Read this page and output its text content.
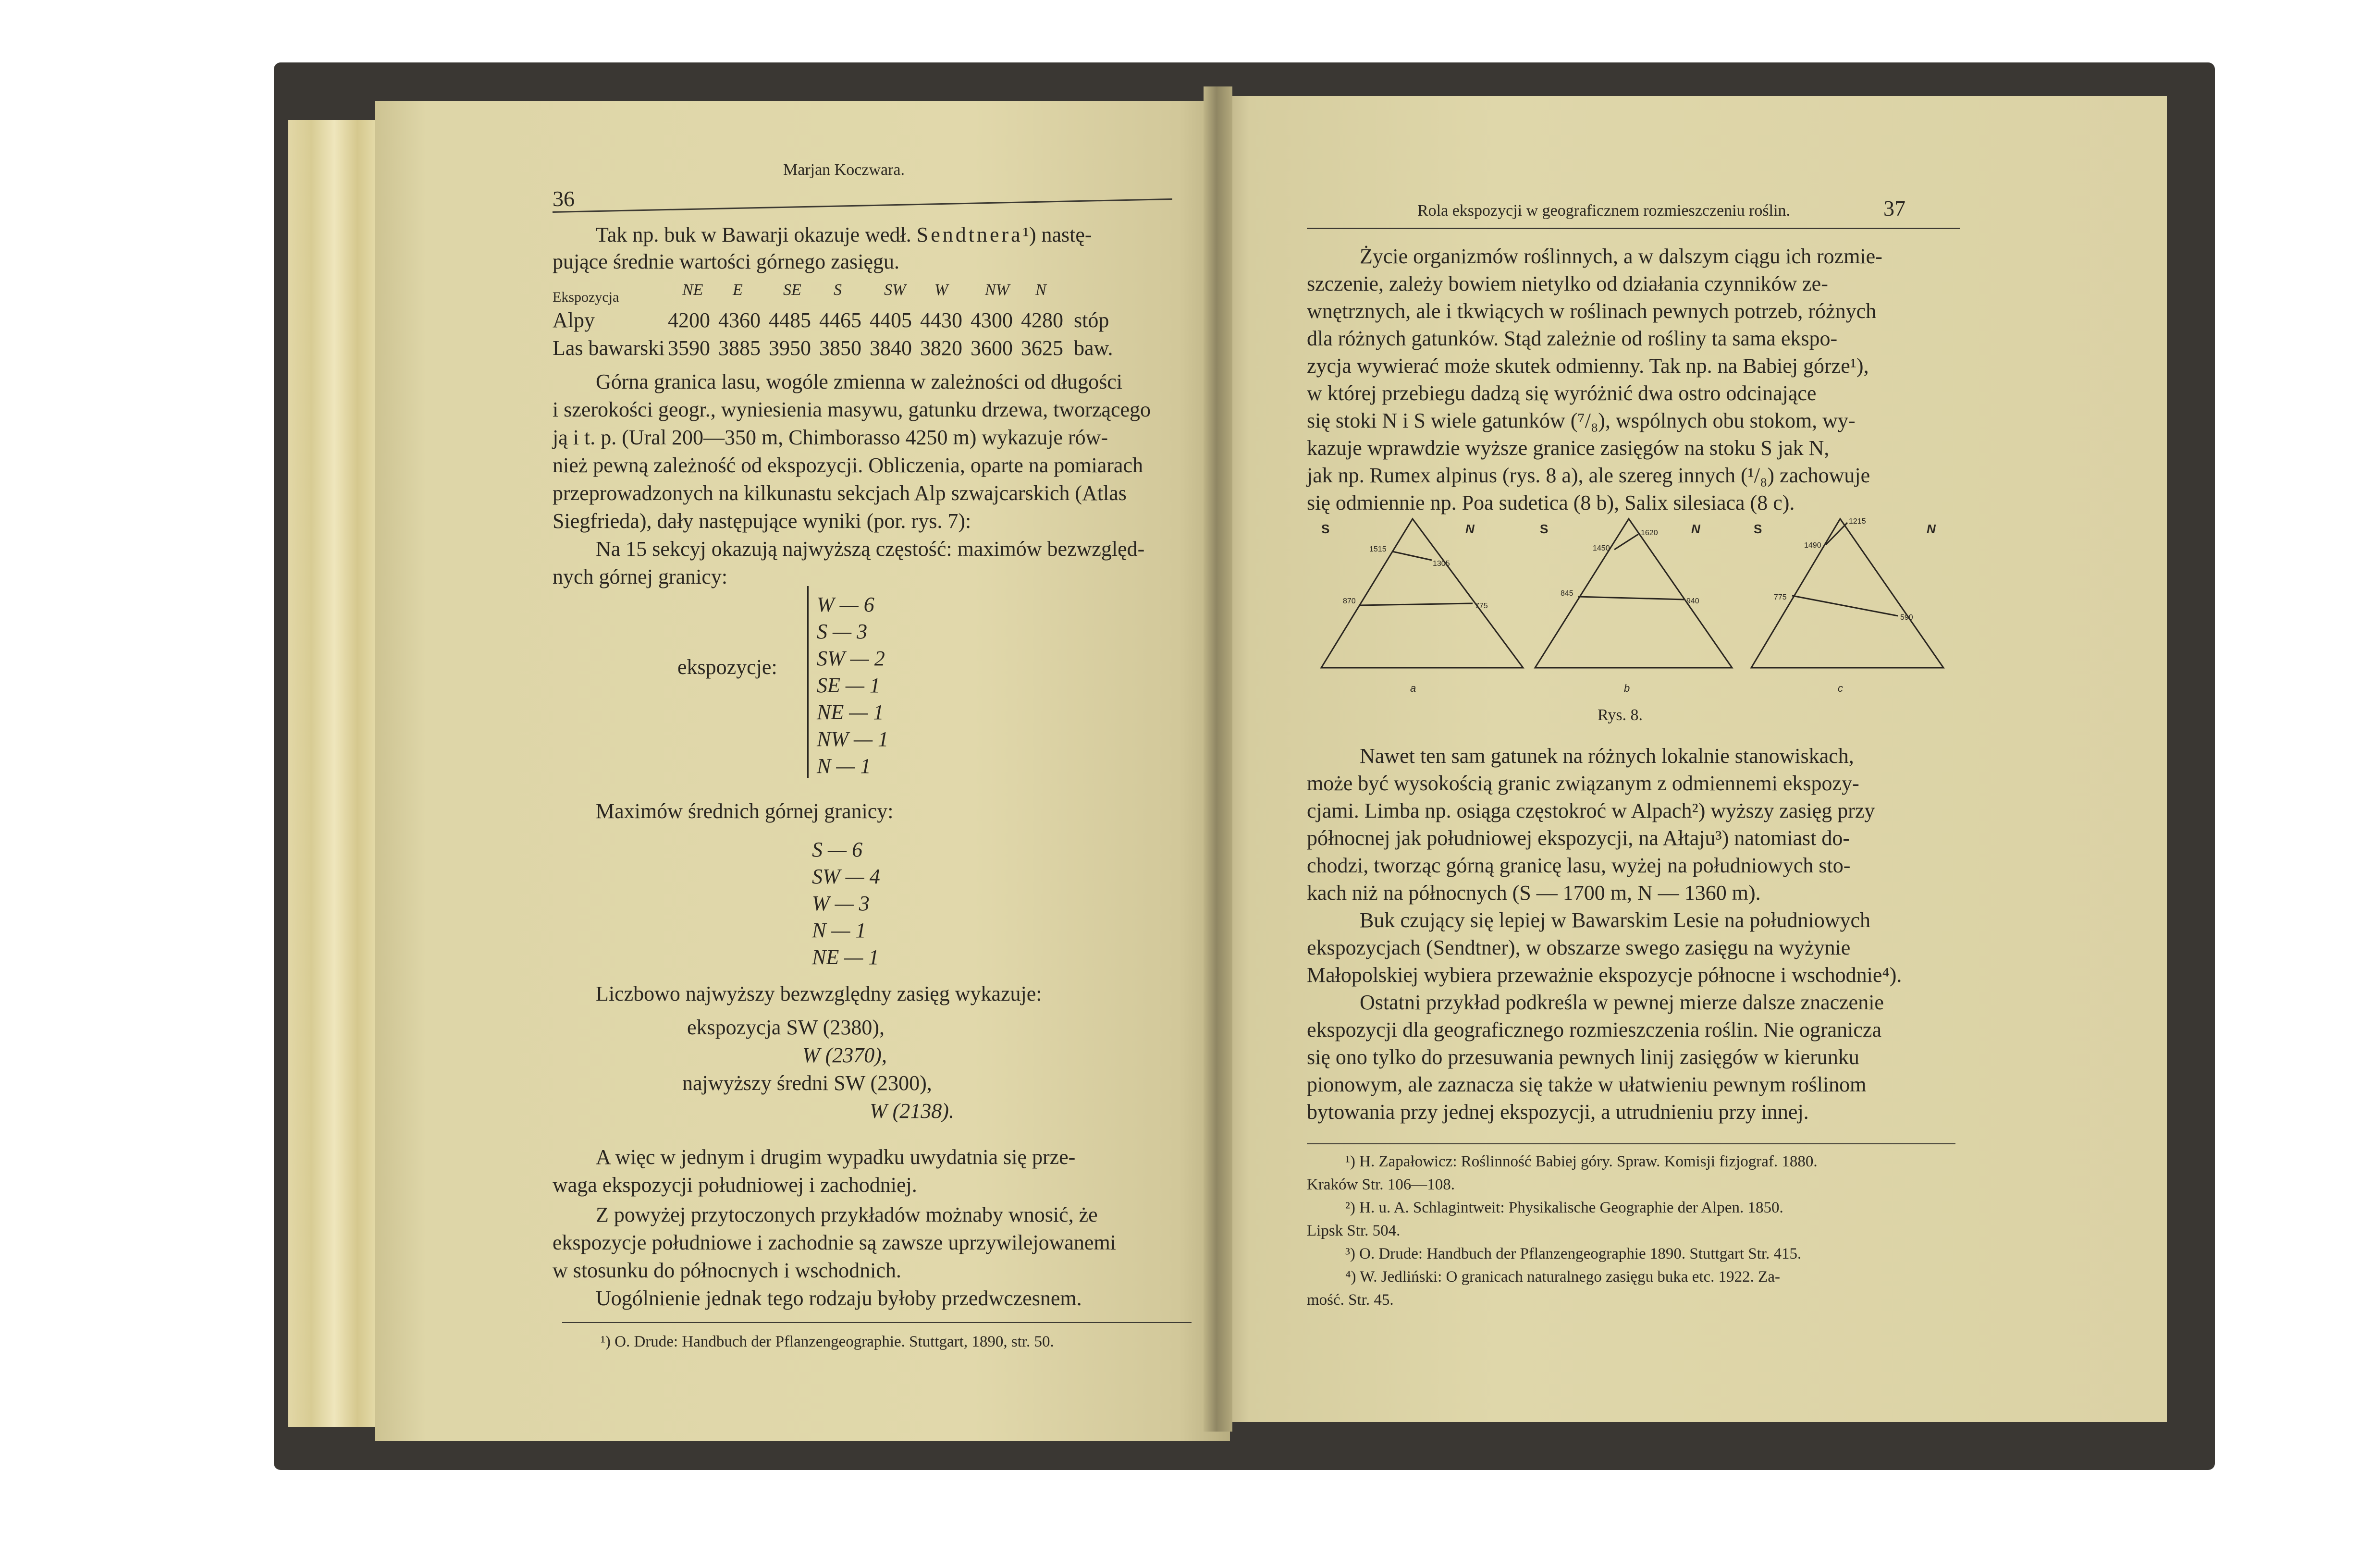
36
Marjan Koczwara.
Tak np. buk w Bawarji okazuje wedł. Sendtnera¹) nastę-
pujące średnie wartości górnego zasięgu.
Ekspozycja	NE E SE S	SW W NW N
Alpy	4200 4360 4485 4465 4405 4430 4300 4280 stóp
Las bawarski 3590 3885 3950 3850 3840 3820 3600 3625 baw.
Górna granica lasu, wogóle zmienna w zależności od długości
i szerokości geogr., wyniesienia masywu, gatunku drzewa, tworzącego
ją i t. p. (Ural 200—350 m, Chimborasso 4250 m) wykazuje rów-
nież pewną zależność od ekspozycji. Obliczenia, oparte na pomiarach
przeprowadzonych na kilkunastu sekcjach Alp szwajcarskich (Atlas
Siegfrieda), dały następujące wyniki (por. rys. 7):
Na 15 sekcyj okazują najwyższą częstość: maximów bezwzględ-
nych górnej granicy:
ekspozycje:
W — 6
S — 3
SW — 2
SE — 1
NE — 1
NW — 1
N — 1
Maximów średnich górnej granicy:
S — 6
SW — 4
W — 3
N — 1
NE — 1
Liczbowo najwyższy bezwzględny zasięg wykazuje:
ekspozycja SW (2380),
W (2370),
najwyższy średni SW (2300),
W (2138).
A więc w jednym i drugim wypadku uwydatnia się prze-
waga ekspozycji południowej i zachodniej.
Z powyżej przytoczonych przykładów możnaby wnosić, że
ekspozycje południowe i zachodnie są zawsze uprzywilejowanemi
w stosunku do północnych i wschodnich.
Uogólnienie jednak tego rodzaju byłoby przedwczesnem.
¹) O. Drude: Handbuch der Pflanzengeographie. Stuttgart, 1890, str. 50.
Rola ekspozycji w geograficznem rozmieszczeniu roślin.	37
Życie organizmów roślinnych, a w dalszym ciągu ich rozmie-
szczenie, zależy bowiem nietylko od działania czynników ze-
wnętrznych, ale i tkwiących w roślinach pewnych potrzeb, różnych
dla różnych gatunków. Stąd zależnie od rośliny ta sama ekspo-
zycja wywierać może skutek odmienny. Tak np. na Babiej górze¹),
w której przebiegu dadzą się wyróżnić dwa ostro odcinające
się stoki N i S wiele gatunków (⁷/₈), wspólnych obu stokom, wy-
kazuje wprawdzie wyższe granice zasięgów na stoku S jak N,
jak np. Rumex alpinus (rys. 8 a), ale szereg innych (¹/₈) zachowuje
się odmiennie np. Poa sudetica (8 b), Salix silesiaca (8 c).
S	N	S	N	S	N
1515
1305
870
775
1450
1620
845
940
1490
1215
775
590
a	b	c
Rys. 8.
Nawet ten sam gatunek na różnych lokalnie stanowiskach,
może być wysokością granic związanym z odmiennemi ekspozy-
cjami. Limba np. osiąga częstokroć w Alpach²) wyższy zasięg przy
północnej jak południowej ekspozycji, na Ałtaju³) natomiast do-
chodzi, tworząc górną granicę lasu, wyżej na południowych sto-
kach niż na północnych (S — 1700 m, N — 1360 m).
Buk czujący się lepiej w Bawarskim Lesie na południowych
ekspozycjach (Sendtner), w obszarze swego zasięgu na wyżynie
Małopolskiej wybiera przeważnie ekspozycje północne i wschodnie⁴).
Ostatni przykład podkreśla w pewnej mierze dalsze znaczenie
ekspozycji dla geograficznego rozmieszczenia roślin. Nie ogranicza
się ono tylko do przesuwania pewnych linij zasięgów w kierunku
pionowym, ale zaznacza się także w ułatwieniu pewnym roślinom
bytowania przy jednej ekspozycji, a utrudnieniu przy innej.
¹) H. Zapałowicz: Roślinność Babiej góry. Spraw. Komisji fizjograf. 1880.
Kraków Str. 106—108.
²) H. u. A. Schlagintweit: Physikalische Geographie der Alpen. 1850.
Lipsk Str. 504.
³) O. Drude: Handbuch der Pflanzengeographie 1890. Stuttgart Str. 415.
⁴) W. Jedliński: O granicach naturalnego zasięgu buka etc. 1922. Za-
mość. Str. 45.
